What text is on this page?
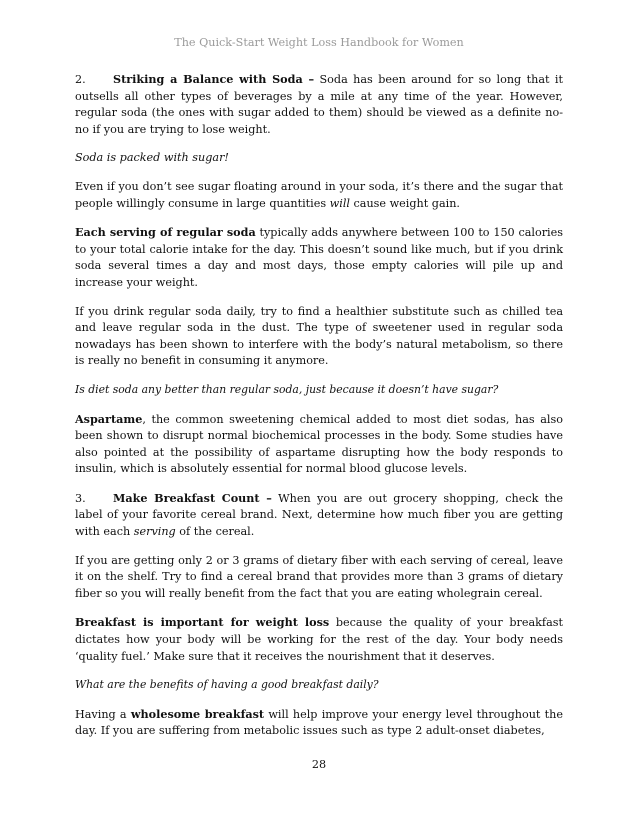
The Quick-Start Weight Loss Handbook for Women

2. Striking a Balance with Soda – Soda has been around for so long that it outsells all other types of beverages by a mile at any time of the year. However, regular soda (the ones with sugar added to them) should be viewed as a definite no-no if you are trying to lose weight.

Soda is packed with sugar!

Even if you don’t see sugar floating around in your soda, it’s there and the sugar that people willingly consume in large quantities will cause weight gain.

Each serving of regular soda typically adds anywhere between 100 to 150 calories to your total calorie intake for the day. This doesn’t sound like much, but if you drink soda several times a day and most days, those empty calories will pile up and increase your weight.

If you drink regular soda daily, try to find a healthier substitute such as chilled tea and leave regular soda in the dust. The type of sweetener used in regular soda nowadays has been shown to interfere with the body’s natural metabolism, so there is really no benefit in consuming it anymore.

Is diet soda any better than regular soda, just because it doesn’t have sugar?

Aspartame, the common sweetening chemical added to most diet sodas, has also been shown to disrupt normal biochemical processes in the body. Some studies have also pointed at the possibility of aspartame disrupting how the body responds to insulin, which is absolutely essential for normal blood glucose levels.

3. Make Breakfast Count – When you are out grocery shopping, check the label of your favorite cereal brand. Next, determine how much fiber you are getting with each serving of the cereal.

If you are getting only 2 or 3 grams of dietary fiber with each serving of cereal, leave it on the shelf. Try to find a cereal brand that provides more than 3 grams of dietary fiber so you will really benefit from the fact that you are eating wholegrain cereal.

Breakfast is important for weight loss because the quality of your breakfast dictates how your body will be working for the rest of the day. Your body needs ‘quality fuel.’ Make sure that it receives the nourishment that it deserves.

What are the benefits of having a good breakfast daily?

Having a wholesome breakfast will help improve your energy level throughout the day. If you are suffering from metabolic issues such as type 2 adult-onset diabetes,

28
